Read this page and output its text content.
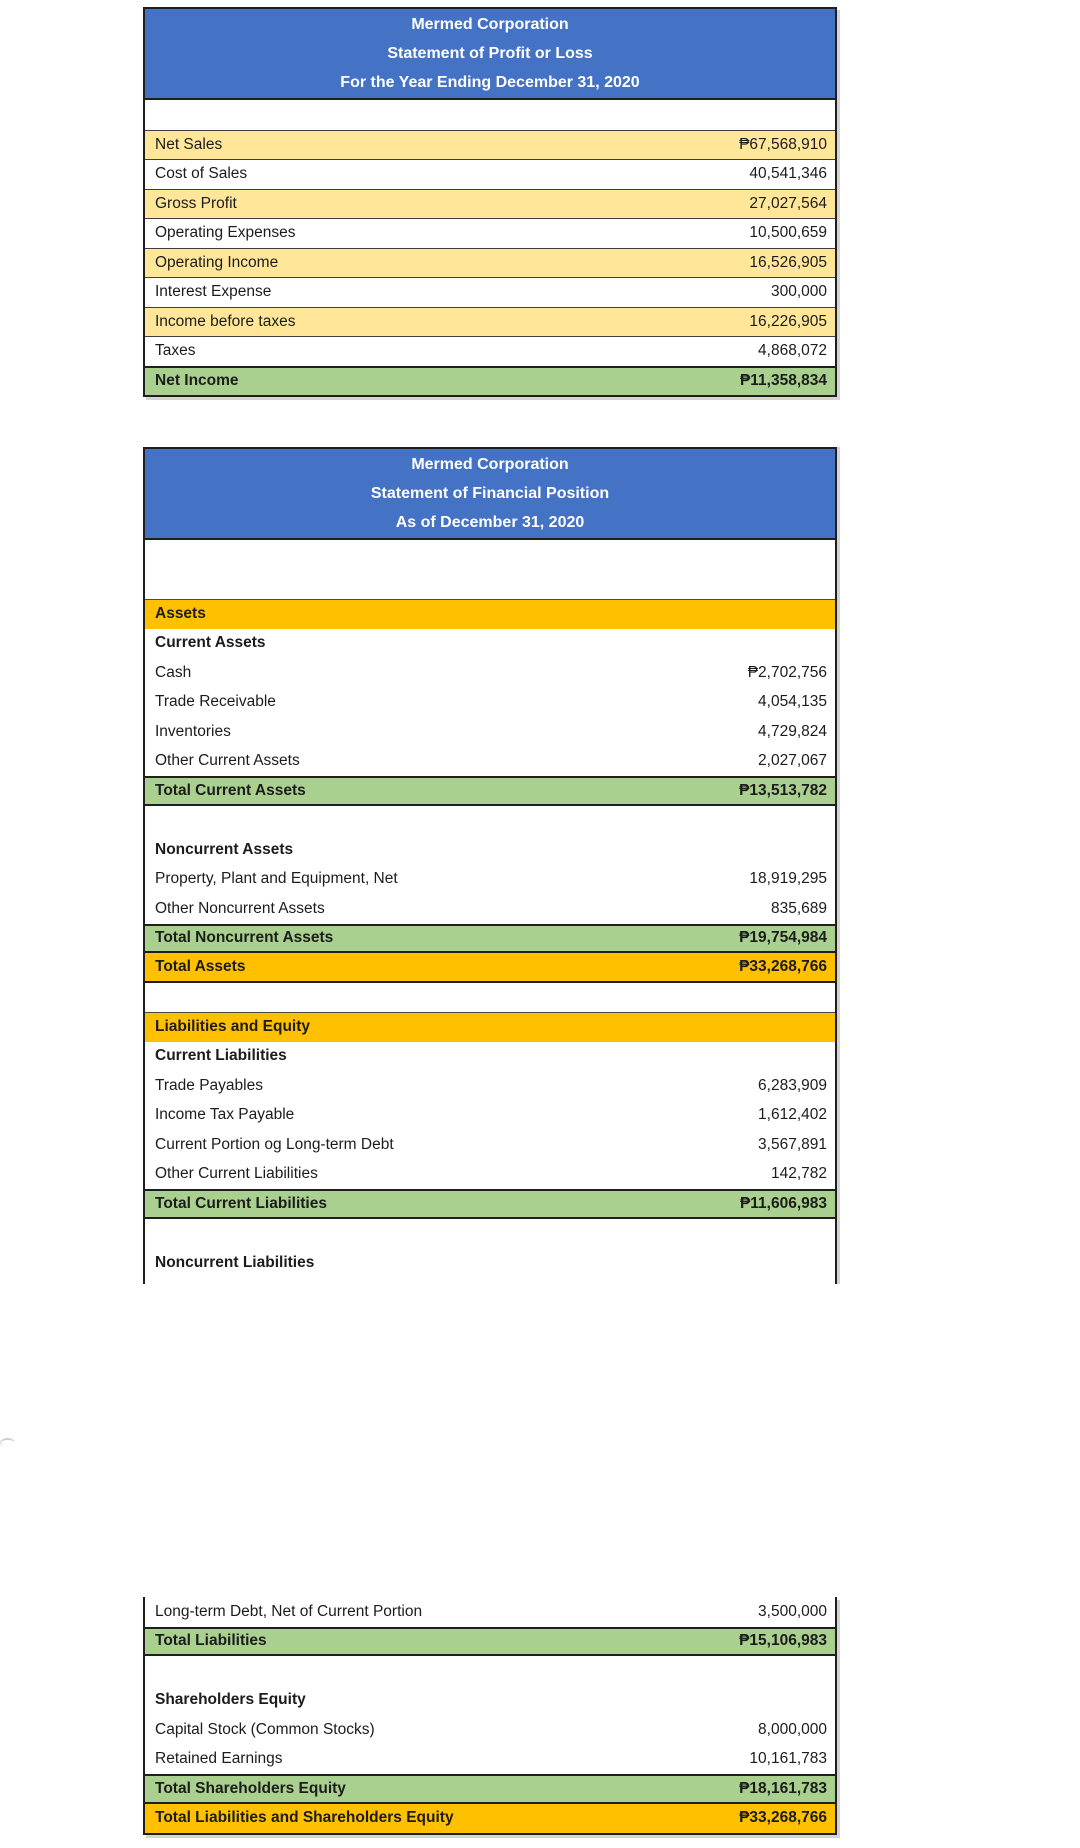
Mermed Corporation
Statement of Profit or Loss
For the Year Ending December 31, 2020
Net Sales	₱67,568,910
Cost of Sales	40,541,346
Gross Profit	27,027,564
Operating Expenses	10,500,659
Operating Income	16,526,905
Interest Expense	300,000
Income before taxes	16,226,905
Taxes	4,868,072
Net Income	₱11,358,834
Mermed Corporation
Statement of Financial Position
As of December 31, 2020
Assets
Current Assets
Cash	₱2,702,756
Trade Receivable	4,054,135
Inventories	4,729,824
Other Current Assets	2,027,067
Total Current Assets	₱13,513,782
Noncurrent Assets
Property, Plant and Equipment, Net	18,919,295
Other Noncurrent Assets	835,689
Total Noncurrent Assets	₱19,754,984
Total Assets	₱33,268,766
Liabilities and Equity
Current Liabilities
Trade Payables	6,283,909
Income Tax Payable	1,612,402
Current Portion og Long-term Debt	3,567,891
Other Current Liabilities	142,782
Total Current Liabilities	₱11,606,983
Noncurrent Liabilities
Long-term Debt, Net of Current Portion	3,500,000
Total Liabilities	₱15,106,983
Shareholders Equity
Capital Stock (Common Stocks)	8,000,000
Retained Earnings	10,161,783
Total Shareholders Equity	₱18,161,783
Total Liabilities and Shareholders Equity	₱33,268,766
